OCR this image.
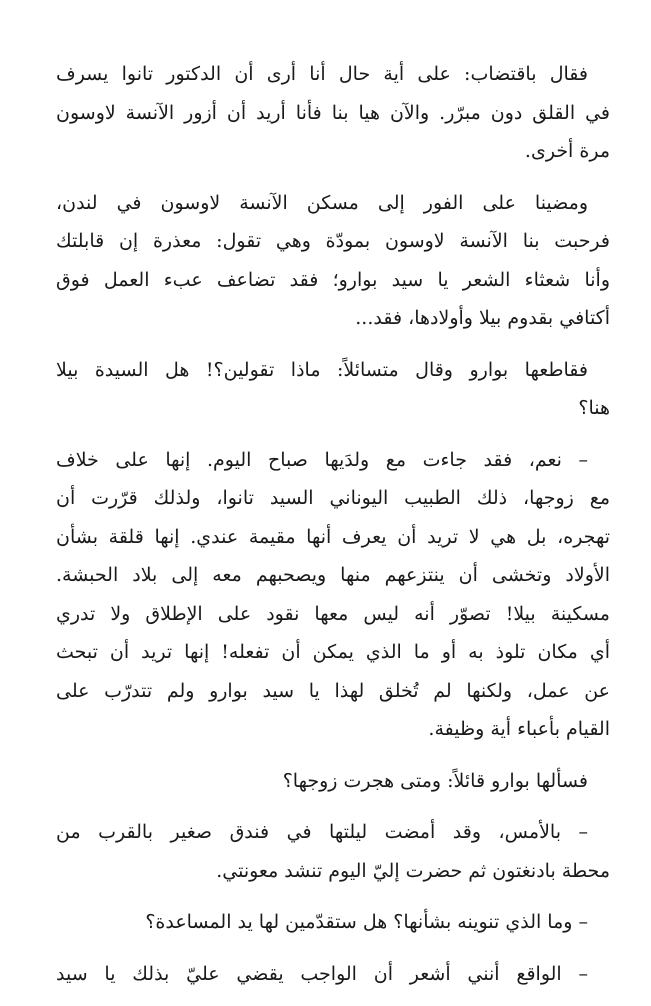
فقال باقتضاب: على أية حال أنا أرى أن الدكتور تانوا يسرف
في القلق دون مبرّر. والآن هيا بنا فأنا أريد أن أزور الآنسة لاوسون
مرة أخرى.

ومضينا على الفور إلى مسكن الآنسة لاوسون في لندن،
فرحبت بنا الآنسة لاوسون بمودّة وهي تقول: معذرة إن قابلتك
وأنا شعثاء الشعر يا سيد بوارو؛ فقد تضاعف عبء العمل فوق
أكتافي بقدوم بيلا وأولادها، فقد...

فقاطعها بوارو وقال متسائلاً: ماذا تقولين؟! هل السيدة بيلا
هنا؟

– نعم، فقد جاءت مع ولدَيها صباح اليوم. إنها على خلاف
مع زوجها، ذلك الطبيب اليوناني السيد تانوا، ولذلك قرّرت أن
تهجره، بل هي لا تريد أن يعرف أنها مقيمة عندي. إنها قلقة بشأن
الأولاد وتخشى أن ينتزعهم منها ويصحبهم معه إلى بلاد الحبشة.
مسكينة بيلا! تصوّر أنه ليس معها نقود على الإطلاق ولا تدري
أي مكان تلوذ به أو ما الذي يمكن أن تفعله! إنها تريد أن تبحث
عن عمل، ولكنها لم تُخلق لهذا يا سيد بوارو ولم تتدرّب على
القيام بأعباء أية وظيفة.

فسألها بوارو قائلاً: ومتى هجرت زوجها؟

– بالأمس، وقد أمضت ليلتها في فندق صغير بالقرب من
محطة بادنغتون ثم حضرت إليّ اليوم تنشد معونتي.

– وما الذي تنوينه بشأنها؟ هل ستقدّمين لها يد المساعدة؟

– الواقع أنني أشعر أن الواجب يقضي عليّ بذلك يا سيد
